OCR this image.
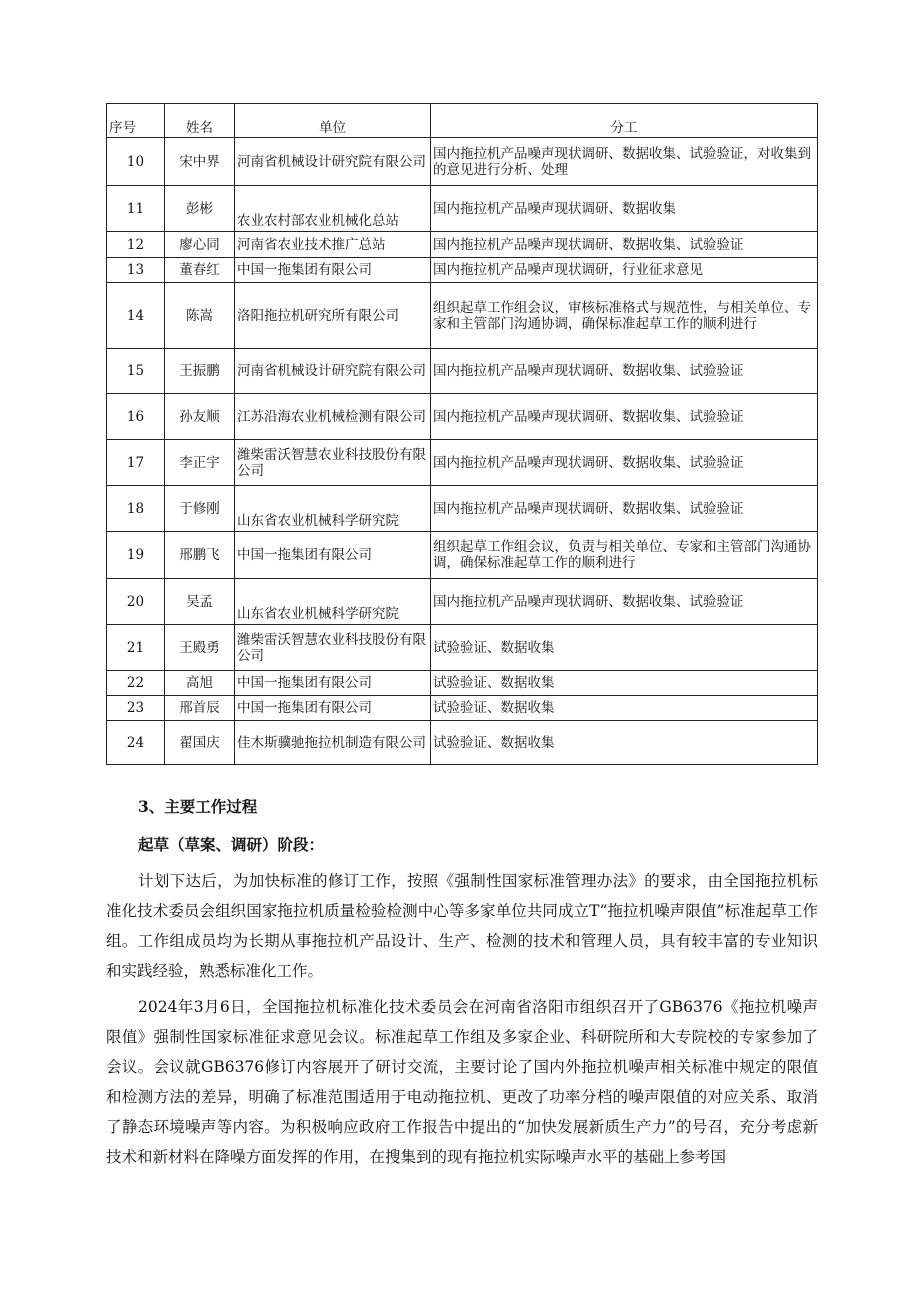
序号	姓名	单位	分工
10	宋中界	河南省机械设计研究院有限公司	国内拖拉机产品噪声现状调研、数据收集、试验验证，对收集到的意见进行分析、处理
11	彭彬	农业农村部农业机械化总站	国内拖拉机产品噪声现状调研、数据收集
12	廖心同	河南省农业技术推广总站	国内拖拉机产品噪声现状调研、数据收集、试验验证
13	董春红	中国一拖集团有限公司	国内拖拉机产品噪声现状调研，行业征求意见
14	陈嵩	洛阳拖拉机研究所有限公司	组织起草工作组会议，审核标准格式与规范性，与相关单位、专家和主管部门沟通协调，确保标准起草工作的顺利进行
15	王振鹏	河南省机械设计研究院有限公司	国内拖拉机产品噪声现状调研、数据收集、试验验证
16	孙友顺	江苏沿海农业机械检测有限公司	国内拖拉机产品噪声现状调研、数据收集、试验验证
17	李正宇	潍柴雷沃智慧农业科技股份有限公司	国内拖拉机产品噪声现状调研、数据收集、试验验证
18	于修刚	山东省农业机械科学研究院	国内拖拉机产品噪声现状调研、数据收集、试验验证
19	邢鹏飞	中国一拖集团有限公司	组织起草工作组会议，负责与相关单位、专家和主管部门沟通协调，确保标准起草工作的顺利进行
20	吴孟	山东省农业机械科学研究院	国内拖拉机产品噪声现状调研、数据收集、试验验证
21	王殿勇	潍柴雷沃智慧农业科技股份有限公司	试验验证、数据收集
22	高旭	中国一拖集团有限公司	试验验证、数据收集
23	邢首辰	中国一拖集团有限公司	试验验证、数据收集
24	翟国庆	佳木斯骥驰拖拉机制造有限公司	试验验证、数据收集
3、主要工作过程
起草（草案、调研）阶段：

计划下达后，为加快标准的修订工作，按照《强制性国家标准管理办法》的要求，由全国拖拉机标准化技术委员会组织国家拖拉机质量检验检测中心等多家单位共同成立T“拖拉机噪声限值”标准起草工作组。工作组成员均为长期从事拖拉机产品设计、生产、检测的技术和管理人员，具有较丰富的专业知识和实践经验，熟悉标准化工作。

2024年3月6日，全国拖拉机标准化技术委员会在河南省洛阳市组织召开了GB6376《拖拉机噪声限值》强制性国家标准征求意见会议。标准起草工作组及多家企业、科研院所和大专院校的专家参加了会议。会议就GB6376修订内容展开了研讨交流，主要讨论了国内外拖拉机噪声相关标准中规定的限值和检测方法的差异，明确了标准范围适用于电动拖拉机、更改了功率分档的噪声限值的对应关系、取消了静态环境噪声等内容。为积极响应政府工作报告中提出的“加快发展新质生产力”的号召，充分考虑新技术和新材料在降噪方面发挥的作用，在搜集到的现有拖拉机实际噪声水平的基础上参考国
